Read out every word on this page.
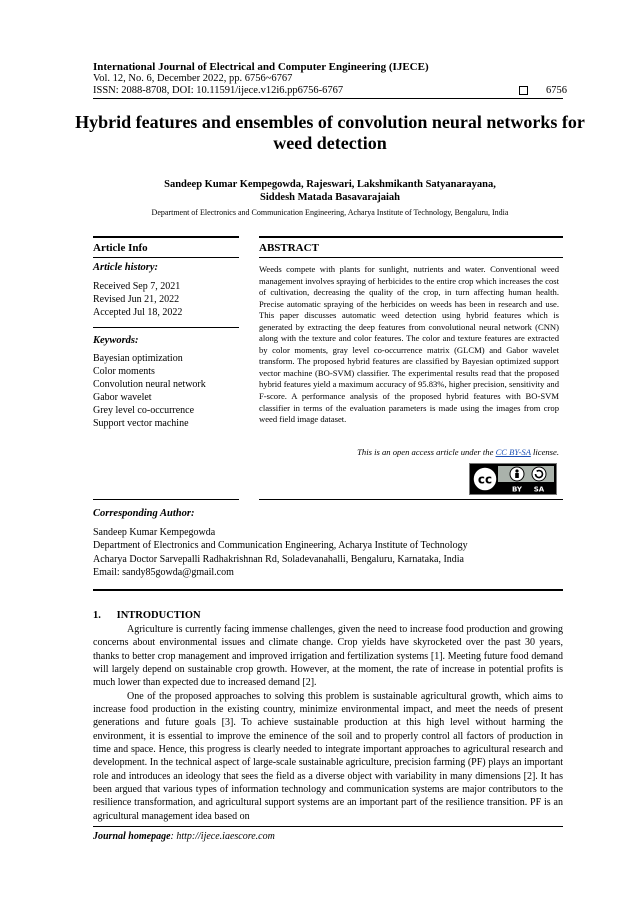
International Journal of Electrical and Computer Engineering (IJECE)
Vol. 12, No. 6, December 2022, pp. 6756~6767
ISSN: 2088-8708, DOI: 10.11591/ijece.v12i6.pp6756-6767	6756
Hybrid features and ensembles of convolution neural networks for weed detection
Sandeep Kumar Kempegowda, Rajeswari, Lakshmikanth Satyanarayana,
Siddesh Matada Basavarajaiah
Department of Electronics and Communication Engineering, Acharya Institute of Technology, Bengaluru, India
Article Info
Article history:
Received Sep 7, 2021
Revised Jun 21, 2022
Accepted Jul 18, 2022
Keywords:
Bayesian optimization
Color moments
Convolution neural network
Gabor wavelet
Grey level co-occurrence
Support vector machine
ABSTRACT
Weeds compete with plants for sunlight, nutrients and water. Conventional weed management involves spraying of herbicides to the entire crop which increases the cost of cultivation, decreasing the quality of the crop, in turn affecting human health. Precise automatic spraying of the herbicides on weeds has been in research and use. This paper discusses automatic weed detection using hybrid features which is generated by extracting the deep features from convolutional neural network (CNN) along with the texture and color features. The color and texture features are extracted by color moments, gray level co-occurrence matrix (GLCM) and Gabor wavelet transform. The proposed hybrid features are classified by Bayesian optimized support vector machine (BO-SVM) classifier. The experimental results read that the proposed hybrid features yield a maximum accuracy of 95.83%, higher precision, sensitivity and F-score. A performance analysis of the proposed hybrid features with BO-SVM classifier in terms of the evaluation parameters is made using the images from crop weed field image dataset.
This is an open access article under the CC BY-SA license.
cc
BY SA
Corresponding Author:
Sandeep Kumar Kempegowda
Department of Electronics and Communication Engineering, Acharya Institute of Technology
Acharya Doctor Sarvepalli Radhakrishnan Rd, Soladevanahalli, Bengaluru, Karnataka, India
Email: sandy85gowda@gmail.com
1.      INTRODUCTION

Agriculture is currently facing immense challenges, given the need to increase food production and growing concerns about environmental issues and climate change. Crop yields have skyrocketed over the past 30 years, thanks to better crop management and improved irrigation and fertilization systems [1]. Meeting future food demand will largely depend on sustainable crop growth. However, at the moment, the rate of increase in potential profits is much lower than expected due to increased demand [2].

One of the proposed approaches to solving this problem is sustainable agricultural growth, which aims to increase food production in the existing country, minimize environmental impact, and meet the needs of present generations and future goals [3]. To achieve sustainable production at this high level without harming the environment, it is essential to improve the eminence of the soil and to properly control all factors of production in time and space. Hence, this progress is clearly needed to integrate important approaches to agricultural research and development. In the technical aspect of large-scale sustainable agriculture, precision farming (PF) plays an important role and introduces an ideology that sees the field as a diverse object with variability in many dimensions [2]. It has been argued that various types of information technology and communication systems are major contributors to the resilience transformation, and agricultural support systems are an important part of the resilience transition. PF is an agricultural management idea based on

Journal homepage: http://ijece.iaescore.com
